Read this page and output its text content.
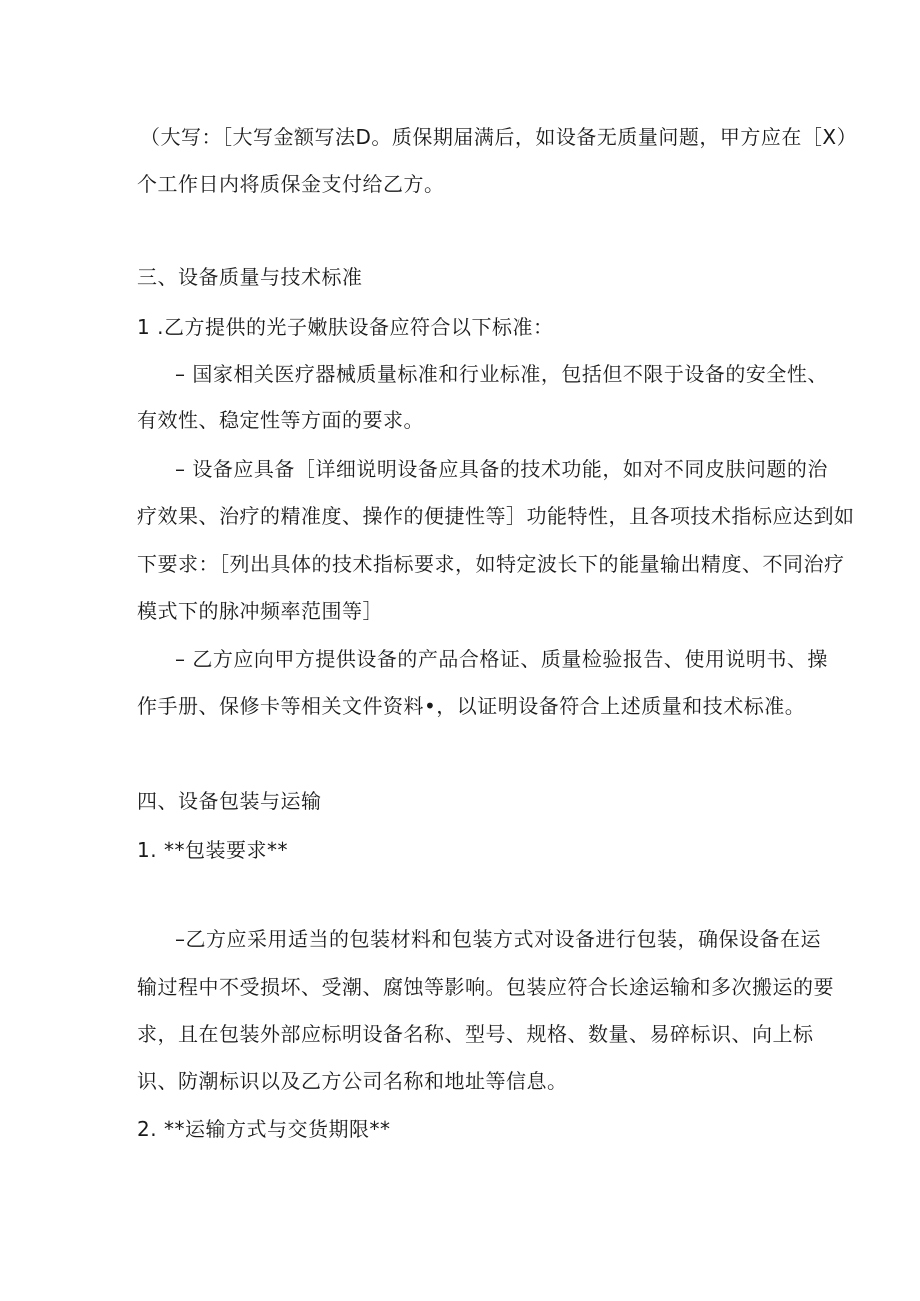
（大写：［大写金额写法D。质保期届满后，如设备无质量问题，甲方应在［X）
个工作日内将质保金支付给乙方。
三、设备质量与技术标准
1 .乙方提供的光子嫩肤设备应符合以下标准：
– 国家相关医疗器械质量标准和行业标准，包括但不限于设备的安全性、
有效性、稳定性等方面的要求。
– 设备应具备［详细说明设备应具备的技术功能，如对不同皮肤问题的治
疗效果、治疗的精准度、操作的便捷性等］功能特性，且各项技术指标应达到如
下要求：［列出具体的技术指标要求，如特定波长下的能量输出精度、不同治疗
模式下的脉冲频率范围等］
– 乙方应向甲方提供设备的产品合格证、质量检验报告、使用说明书、操
作手册、保修卡等相关文件资料•，以证明设备符合上述质量和技术标准。
四、设备包装与运输
1. **包装要求**
–乙方应采用适当的包装材料和包装方式对设备进行包装，确保设备在运
输过程中不受损坏、受潮、腐蚀等影响。包装应符合长途运输和多次搬运的要
求，且在包装外部应标明设备名称、型号、规格、数量、易碎标识、向上标
识、防潮标识以及乙方公司名称和地址等信息。
2. **运输方式与交货期限**
